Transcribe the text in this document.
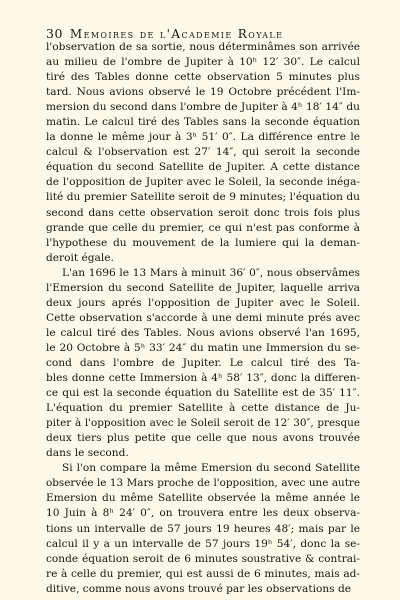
30 Memoires de l'Academie Royale
l'observation de sa sortie, nous déterminâmes son arrivée
au milieu de l'ombre de Jupiter à 10ʰ 12′ 30″. Le calcul
tiré des Tables donne cette observation 5 minutes plus
tard. Nous avions observé le 19 Octobre précédent l'Im-
mersion du second dans l'ombre de Jupiter à 4ʰ 18′ 14″ du
matin. Le calcul tiré des Tables sans la seconde équation
la donne le même jour à 3ʰ 51′ 0″. La différence entre le
calcul & l'observation est 27′ 14″, qui seroit la seconde
équation du second Satellite de Jupiter. A cette distance
de l'opposition de Jupiter avec le Soleil, la seconde inéga-
lité du premier Satellite seroit de 9 minutes; l'équation du
second dans cette observation seroit donc trois fois plus
grande que celle du premier, ce qui n'est pas conforme à
l'hypothese du mouvement de la lumiere qui la deman-
deroit égale.
L'an 1696 le 13 Mars à minuit 36′ 0″, nous observâmes
l'Emersion du second Satellite de Jupiter, laquelle arriva
deux jours aprés l'opposition de Jupiter avec le Soleil.
Cette observation s'accorde à une demi minute prés avec
le calcul tiré des Tables. Nous avions observé l'an 1695,
le 20 Octobre à 5ʰ 33′ 24″ du matin une Immersion du se-
cond dans l'ombre de Jupiter. Le calcul tiré des Ta-
bles donne cette Immersion à 4ʰ 58′ 13″, donc la differen-
ce qui est la seconde équation du Satellite est de 35′ 11″.
L'équation du premier Satellite à cette distance de Ju-
piter à l'opposition avec le Soleil seroit de 12′ 30″, presque
deux tiers plus petite que celle que nous avons trouvée
dans le second.
Si l'on compare la même Emersion du second Satellite
observée le 13 Mars proche de l'opposition, avec une autre
Emersion du même Satellite observée la même année le
10 Juin à 8ʰ 24′ 0″, on trouvera entre les deux observa-
tions un intervalle de 57 jours 19 heures 48′; mais par le
calcul il y a un intervalle de 57 jours 19ʰ 54′, donc la se-
conde équation seroit de 6 minutes soustrative & contrai-
re à celle du premier, qui est aussi de 6 minutes, mais ad-
ditive, comme nous avons trouvé par les observations de
